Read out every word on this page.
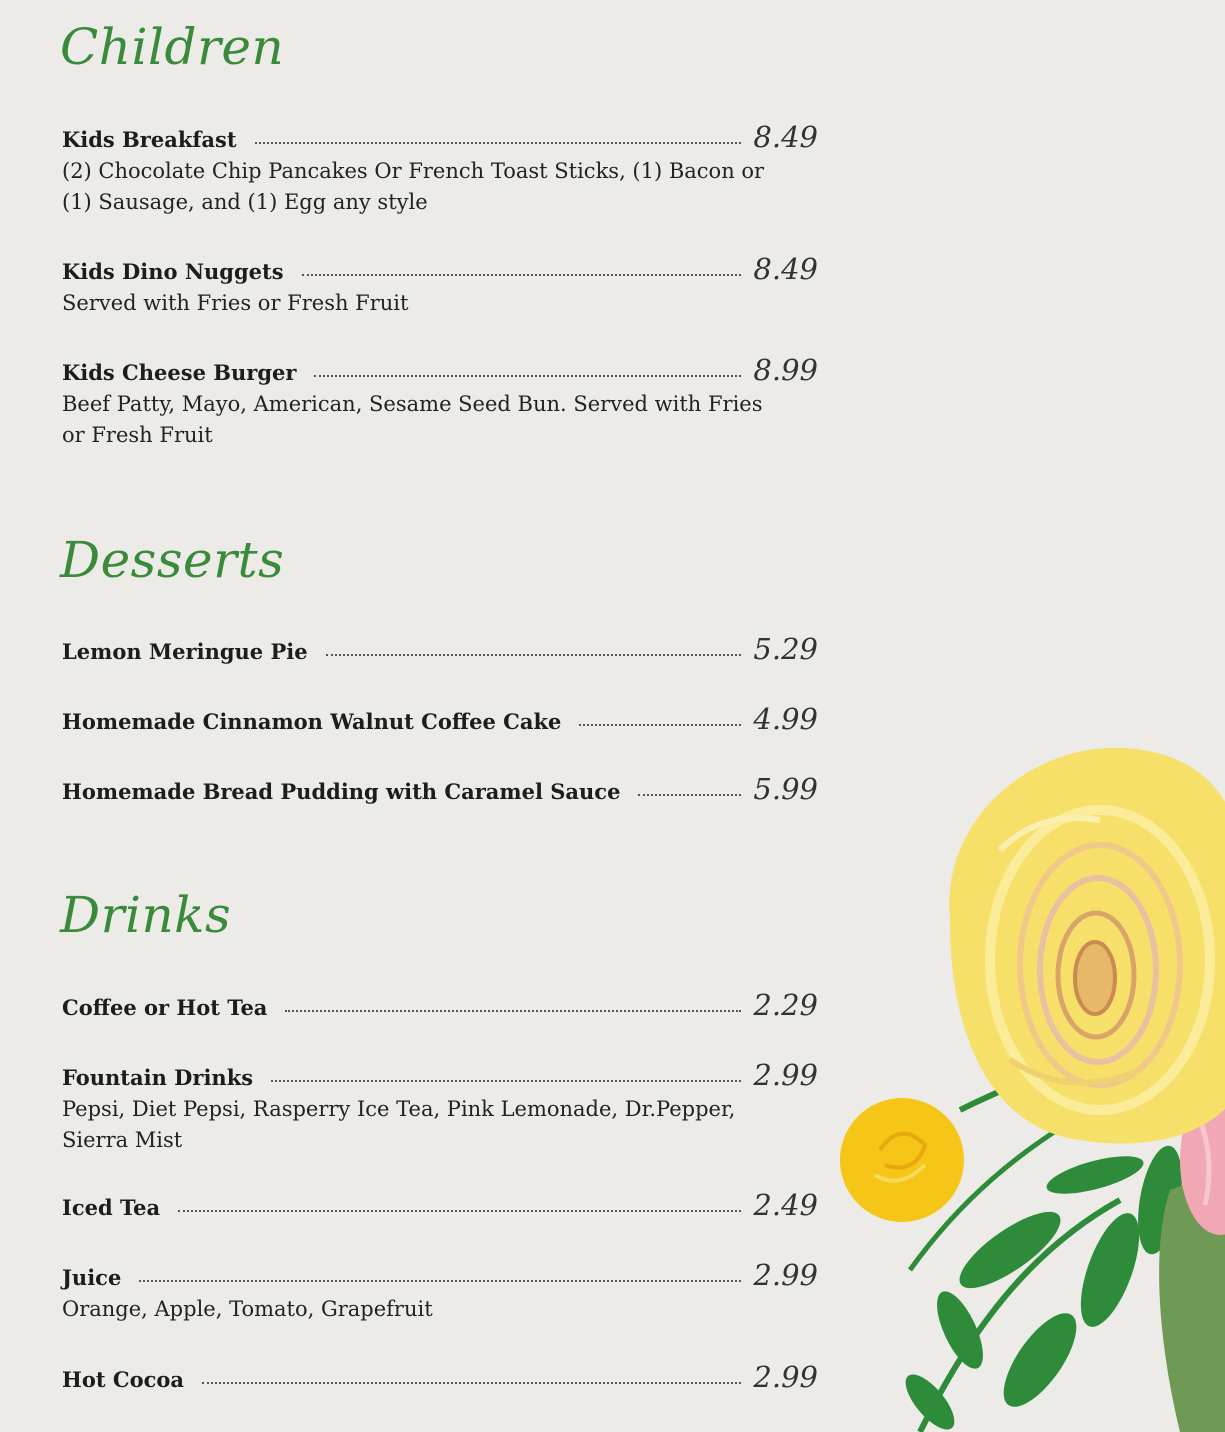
Children
Kids Breakfast	8.49
(2) Chocolate Chip Pancakes Or French Toast Sticks, (1) Bacon or (1) Sausage, and (1) Egg any style
Kids Dino Nuggets	8.49
Served with Fries or Fresh Fruit
Kids Cheese Burger	8.99
Beef Patty, Mayo, American, Sesame Seed Bun. Served with Fries or Fresh Fruit
Desserts
Lemon Meringue Pie	5.29
Homemade Cinnamon Walnut Coffee Cake	4.99
Homemade Bread Pudding with Caramel Sauce	5.99
Drinks
Coffee or Hot Tea	2.29
Fountain Drinks	2.99
Pepsi, Diet Pepsi, Rasperry Ice Tea, Pink Lemonade, Dr.Pepper, Sierra Mist
Iced Tea	2.49
Juice	2.99
Orange, Apple, Tomato, Grapefruit
Hot Cocoa	2.99
